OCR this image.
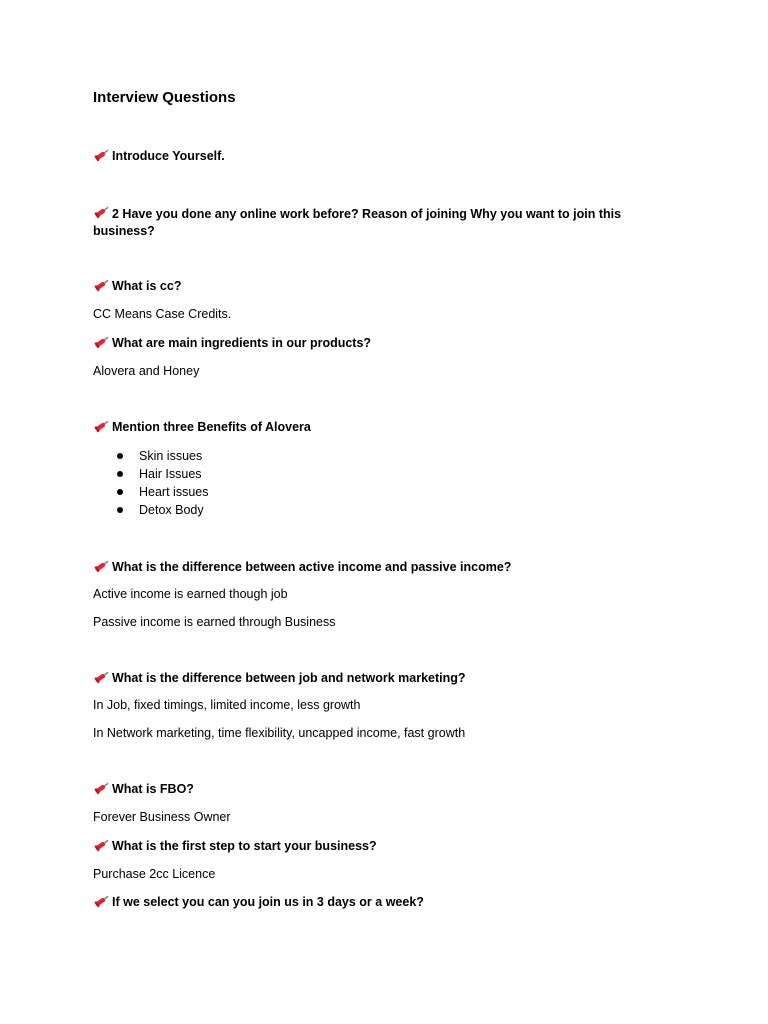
Interview Questions
Introduce Yourself.
2 Have you done any online work before? Reason of joining Why you want to join this business?
What is cc?

CC Means Case Credits.

What are main ingredients in our products?

Alovera and Honey

Mention three Benefits of Alovera
Skin issues
Hair Issues
Heart issues
Detox Body
What is the difference between active income and passive income?

Active income is earned though job

Passive income is earned through Business

What is the difference between job and network marketing?

In Job, fixed timings, limited income, less growth

In Network marketing, time flexibility, uncapped income, fast growth

What is FBO?

Forever Business Owner

What is the first step to start your business?

Purchase 2cc Licence

If we select you can you join us in 3 days or a week?
